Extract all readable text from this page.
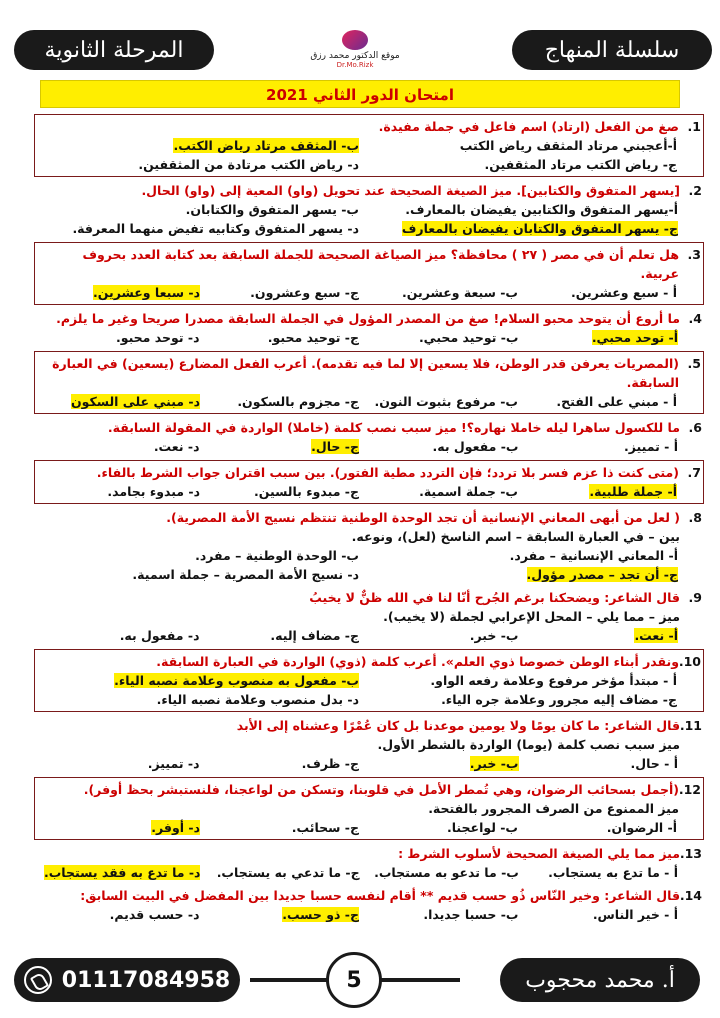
سلسلة المنهاج
موقع الدكتور محمد رزق
Dr.Mo.Rizk
المرحلة الثانوية
امتحان الدور الثاني 2021
1.
صغ من الفعل (ارتاد) اسم فاعل في جملة مفيدة.
أ-أعجبني مرتاد المثقف رياض الكتب
ب- المثقف مرتاد رياض الكتب.
ج- رياض الكتب مرتاد المثقفين.
د- رياض الكتب مرتادة من المثقفين.
2.
[يسهر المتفوق والكتابين]. ميز الصيغة الصحيحة عند تحويل (واو) المعية إلى (واو) الحال.
أ-يسهر المتفوق والكتابين يفيضان بالمعارف.
ب- يسهر المتفوق والكتابان.
ج- يسهر المتفوق والكتابان يفيضان بالمعارف
د- يسهر المتفوق وكتابيه تفيض منهما المعرفة.
3.
هل تعلم أن في مصر ( ٢٧ ) محافظة؟ ميز الصياغة الصحيحة للجملة السابقة بعد كتابة العدد بحروف عربية.
أ - سبع وعشرين.
ب- سبعة وعشرين.
ج- سبع وعشرون.
د- سبعا وعشرين.
4.
ما أروع أن يتوحد محبو السلام! صغ من المصدر المؤول في الجملة السابقة مصدرا صريحا وغير ما يلزم.
أ- توحد محبي.
ب- توحيد محبي.
ج- توحيد محبو.
د- توحد محبو.
5.
(المصريات يعرفن قدر الوطن، فلا يسعين إلا لما فيه تقدمه). أعرب الفعل المضارع (يسعين) في العبارة السابقة.
أ - مبني على الفتح.
ب- مرفوع بثبوت النون.
ج- مجزوم بالسكون.
د- مبني على السكون
6.
ما للكسول ساهرا ليله خاملا نهاره؟! ميز سبب نصب كلمة (خاملا) الواردة في المقولة السابقة.
أ - تمييز.
ب- مفعول به.
ج- حال.
د- نعت.
7.
(متى كنت ذا عزم فسر بلا تردد؛ فإن التردد مطية الفتور). بين سبب اقتران جواب الشرط بالفاء.
أ- جملة طلبية.
ب- جملة اسمية.
ج- مبدوء بالسين.
د- مبدوء بجامد.
8.
( لعل من أبهى المعاني الإنسانية أن تجد الوحدة الوطنية تنتظم نسيج الأمة المصرية).
بين – في العبارة السابقة – اسم الناسخ (لعل)، ونوعه.
أ- المعاني الإنسانية – مفرد.
ب- الوحدة الوطنية – مفرد.
ج- أن تجد – مصدر مؤول.
د- نسيج الأمة المصرية – جملة اسمية.
9.
قال الشاعر: ويضحكنا برغم الجُرح أنّا لنا في الله ظنٌّ لا يخيبُ
ميز – مما يلي – المحل الإعرابي لجملة (لا يخيب).
أ- نعت.
ب- خبر.
ج- مضاف إليه.
د- مفعول به.
10.
ونقدر أبناء الوطن خصوصا ذوي العلم». أعرب كلمة (ذوي) الواردة في العبارة السابقة.
أ - مبتدأ مؤخر مرفوع وعلامة رفعه الواو.
ب- مفعول به منصوب وعلامة نصبه الياء.
ج- مضاف إليه مجرور وعلامة جره الياء.
د- بدل منصوب وعلامة نصبه الياء.
11.
قال الشاعر: ما كان يومًا ولا يومين موعدنا بل كان عُمْرًا وعشناه إلى الأبد
ميز سبب نصب كلمة (يوما) الواردة بالشطر الأول.
أ - حال.
ب- خبر.
ج- ظرف.
د- تمييز.
12.
(أجمل بسحائب الرضوان، وهي تُمطر الأمل في قلوبنا، وتسكن من لواعجنا، فلنستبشر بحظ أوفر).
ميز الممنوع من الصرف المجرور بالفتحة.
أ- الرضوان.
ب- لواعجنا.
ج- سحائب.
د- أوفر.
13.
ميز مما يلي الصيغة الصحيحة لأسلوب الشرط :
أ - ما تدع به يستجاب.
ب- ما تدعو به مستجاب.
ج- ما تدعي به يستجاب.
د- ما تدع به فقد يستجاب.
14.
قال الشاعر: وخير النّاس ذُو حسب قديم ** أقام لنفسه حسبا جديدا بين المفضل في البيت السابق:
أ - خير الناس.
ب- حسبا جديدا.
ج- ذو حسب.
د- حسب قديم.
01117084958	5	أ. محمد محجوب
